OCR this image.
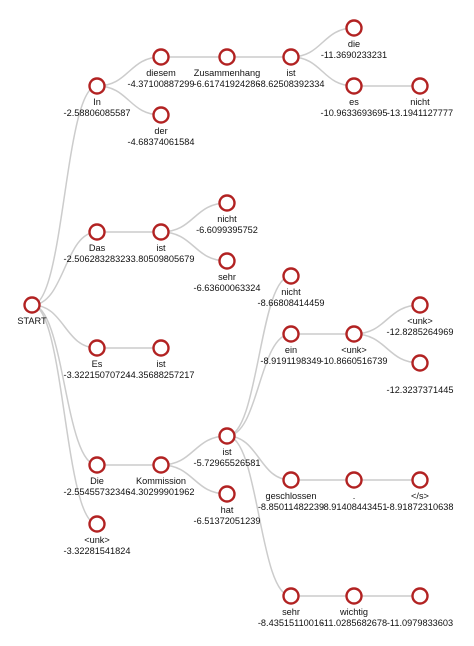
START
In
-2.58806085587
Das
-2.50628328323
Es
-3.32215070724
Die
-2.55455732346
<unk>
-3.32281541824
diesem
-4.37100887299
der
-4.68374061584
Zusammenhang
-6.61741924286
ist
-8.62508392334
die
-11.3690233231
es
-10.9633693695
nicht
-13.1941127777
ist
-3.80509805679
nicht
-6.6099395752
sehr
-6.63600063324
ist
-4.35688257217
Kommission
-4.30299901962
ist
-5.72965526581
hat
-6.51372051239
nicht
-8.66808414459
ein
-8.9191198349
<unk>
-10.8660516739
<unk>
-12.8285264969
-12.3237371445
geschlossen
-8.85011482239
.
-8.91408443451
</s>
-8.91872310638
sehr
-8.43515110016
wichtig
-11.0285682678 -11.0979833603
